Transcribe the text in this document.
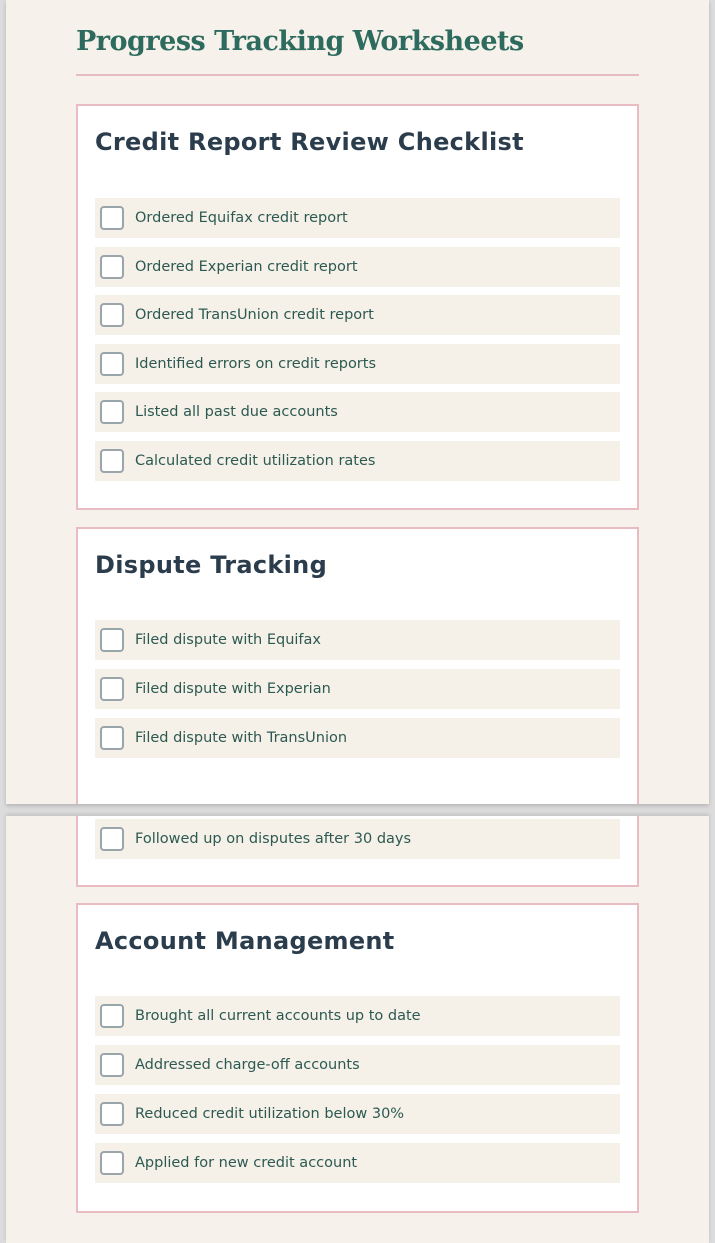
Progress Tracking Worksheets
Credit Report Review Checklist
Ordered Equifax credit report
Ordered Experian credit report
Ordered TransUnion credit report
Identified errors on credit reports
Listed all past due accounts
Calculated credit utilization rates
Dispute Tracking
Filed dispute with Equifax
Filed dispute with Experian
Filed dispute with TransUnion
Followed up on disputes after 30 days
Account Management
Brought all current accounts up to date
Addressed charge-off accounts
Reduced credit utilization below 30%
Applied for new credit account
